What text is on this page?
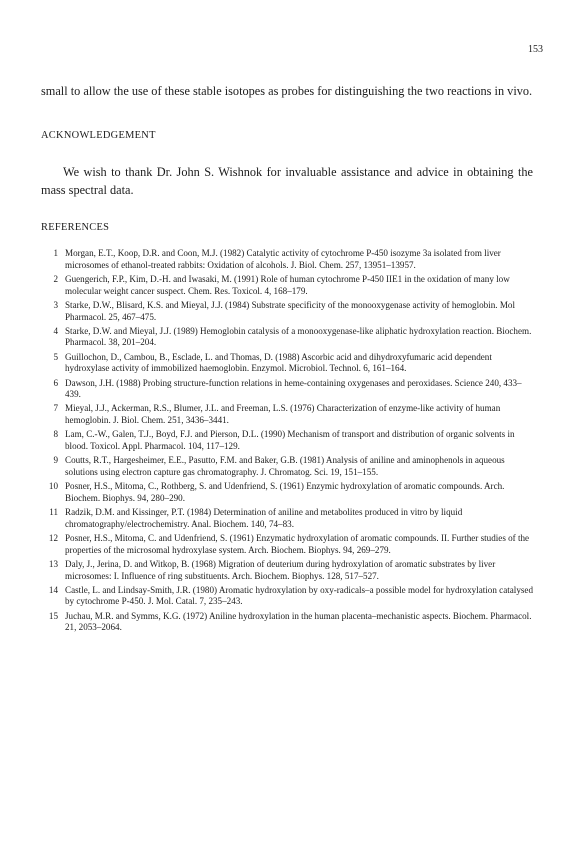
153

small to allow the use of these stable isotopes as probes for distinguishing the two reactions in vivo.

ACKNOWLEDGEMENT

We wish to thank Dr. John S. Wishnok for invaluable assistance and advice in obtaining the mass spectral data.

REFERENCES
1 Morgan, E.T., Koop, D.R. and Coon, M.J. (1982) Catalytic activity of cytochrome P-450 isozyme 3a isolated from liver microsomes of ethanol-treated rabbits: Oxidation of alcohols. J. Biol. Chem. 257, 13951–13957.
2 Guengerich, F.P., Kim, D.-H. and Iwasaki, M. (1991) Role of human cytochrome P-450 IIE1 in the oxidation of many low molecular weight cancer suspect. Chem. Res. Toxicol. 4, 168–179.
3 Starke, D.W., Blisard, K.S. and Mieyal, J.J. (1984) Substrate specificity of the monooxygenase activity of hemoglobin. Mol Pharmacol. 25, 467–475.
4 Starke, D.W. and Mieyal, J.J. (1989) Hemoglobin catalysis of a monooxygenase-like aliphatic hydroxylation reaction. Biochem. Pharmacol. 38, 201–204.
5 Guillochon, D., Cambou, B., Esclade, L. and Thomas, D. (1988) Ascorbic acid and dihydroxyfumaric acid dependent hydroxylase activity of immobilized haemoglobin. Enzymol. Microbiol. Technol. 6, 161–164.
6 Dawson, J.H. (1988) Probing structure-function relations in heme-containing oxygenases and peroxidases. Science 240, 433–439.
7 Mieyal, J.J., Ackerman, R.S., Blumer, J.L. and Freeman, L.S. (1976) Characterization of enzyme-like activity of human hemoglobin. J. Biol. Chem. 251, 3436–3441.
8 Lam, C.-W., Galen, T.J., Boyd, F.J. and Pierson, D.L. (1990) Mechanism of transport and distribution of organic solvents in blood. Toxicol. Appl. Pharmacol. 104, 117–129.
9 Coutts, R.T., Hargesheimer, E.E., Pasutto, F.M. and Baker, G.B. (1981) Analysis of aniline and aminophenols in aqueous solutions using electron capture gas chromatography. J. Chromatog. Sci. 19, 151–155.
10 Posner, H.S., Mitoma, C., Rothberg, S. and Udenfriend, S. (1961) Enzymic hydroxylation of aromatic compounds. Arch. Biochem. Biophys. 94, 280–290.
11 Radzik, D.M. and Kissinger, P.T. (1984) Determination of aniline and metabolites produced in vitro by liquid chromatography/electrochemistry. Anal. Biochem. 140, 74–83.
12 Posner, H.S., Mitoma, C. and Udenfriend, S. (1961) Enzymatic hydroxylation of aromatic compounds. II. Further studies of the properties of the microsomal hydroxylase system. Arch. Biochem. Biophys. 94, 269–279.
13 Daly, J., Jerina, D. and Witkop, B. (1968) Migration of deuterium during hydroxylation of aromatic substrates by liver microsomes: I. Influence of ring substituents. Arch. Biochem. Biophys. 128, 517–527.
14 Castle, L. and Lindsay-Smith, J.R. (1980) Aromatic hydroxylation by oxy-radicals–a possible model for hydroxylation catalysed by cytochrome P-450. J. Mol. Catal. 7, 235–243.
15 Juchau, M.R. and Symms, K.G. (1972) Aniline hydroxylation in the human placenta–mechanistic aspects. Biochem. Pharmacol. 21, 2053–2064.
